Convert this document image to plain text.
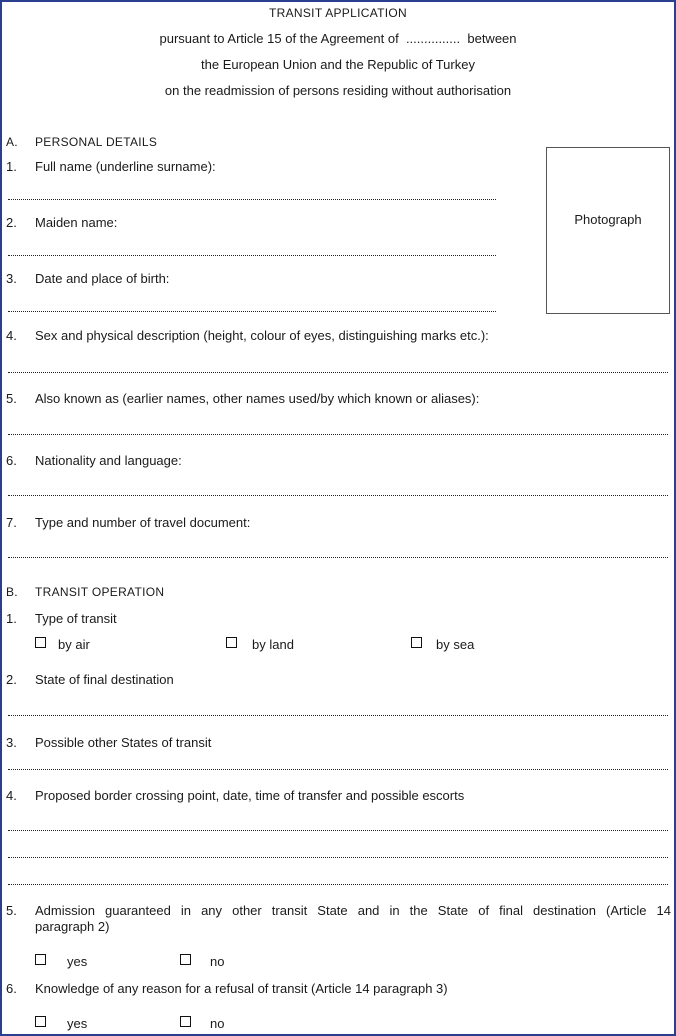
TRANSIT APPLICATION
pursuant to Article 15 of the Agreement of ............... between
the European Union and the Republic of Turkey
on the readmission of persons residing without authorisation
A. PERSONAL DETAILS
Photograph
1. Full name (underline surname):
2. Maiden name:
3. Date and place of birth:
4. Sex and physical description (height, colour of eyes, distinguishing marks etc.):
5. Also known as (earlier names, other names used/by which known or aliases):
6. Nationality and language:
7. Type and number of travel document:
B. TRANSIT OPERATION
1. Type of transit
by air	by land	by sea
2. State of final destination
3. Possible other States of transit
4. Proposed border crossing point, date, time of transfer and possible escorts
5. Admission guaranteed in any other transit State and in the State of final destination (Article 14
paragraph 2)
yes	no
6. Knowledge of any reason for a refusal of transit (Article 14 paragraph 3)
yes	no
